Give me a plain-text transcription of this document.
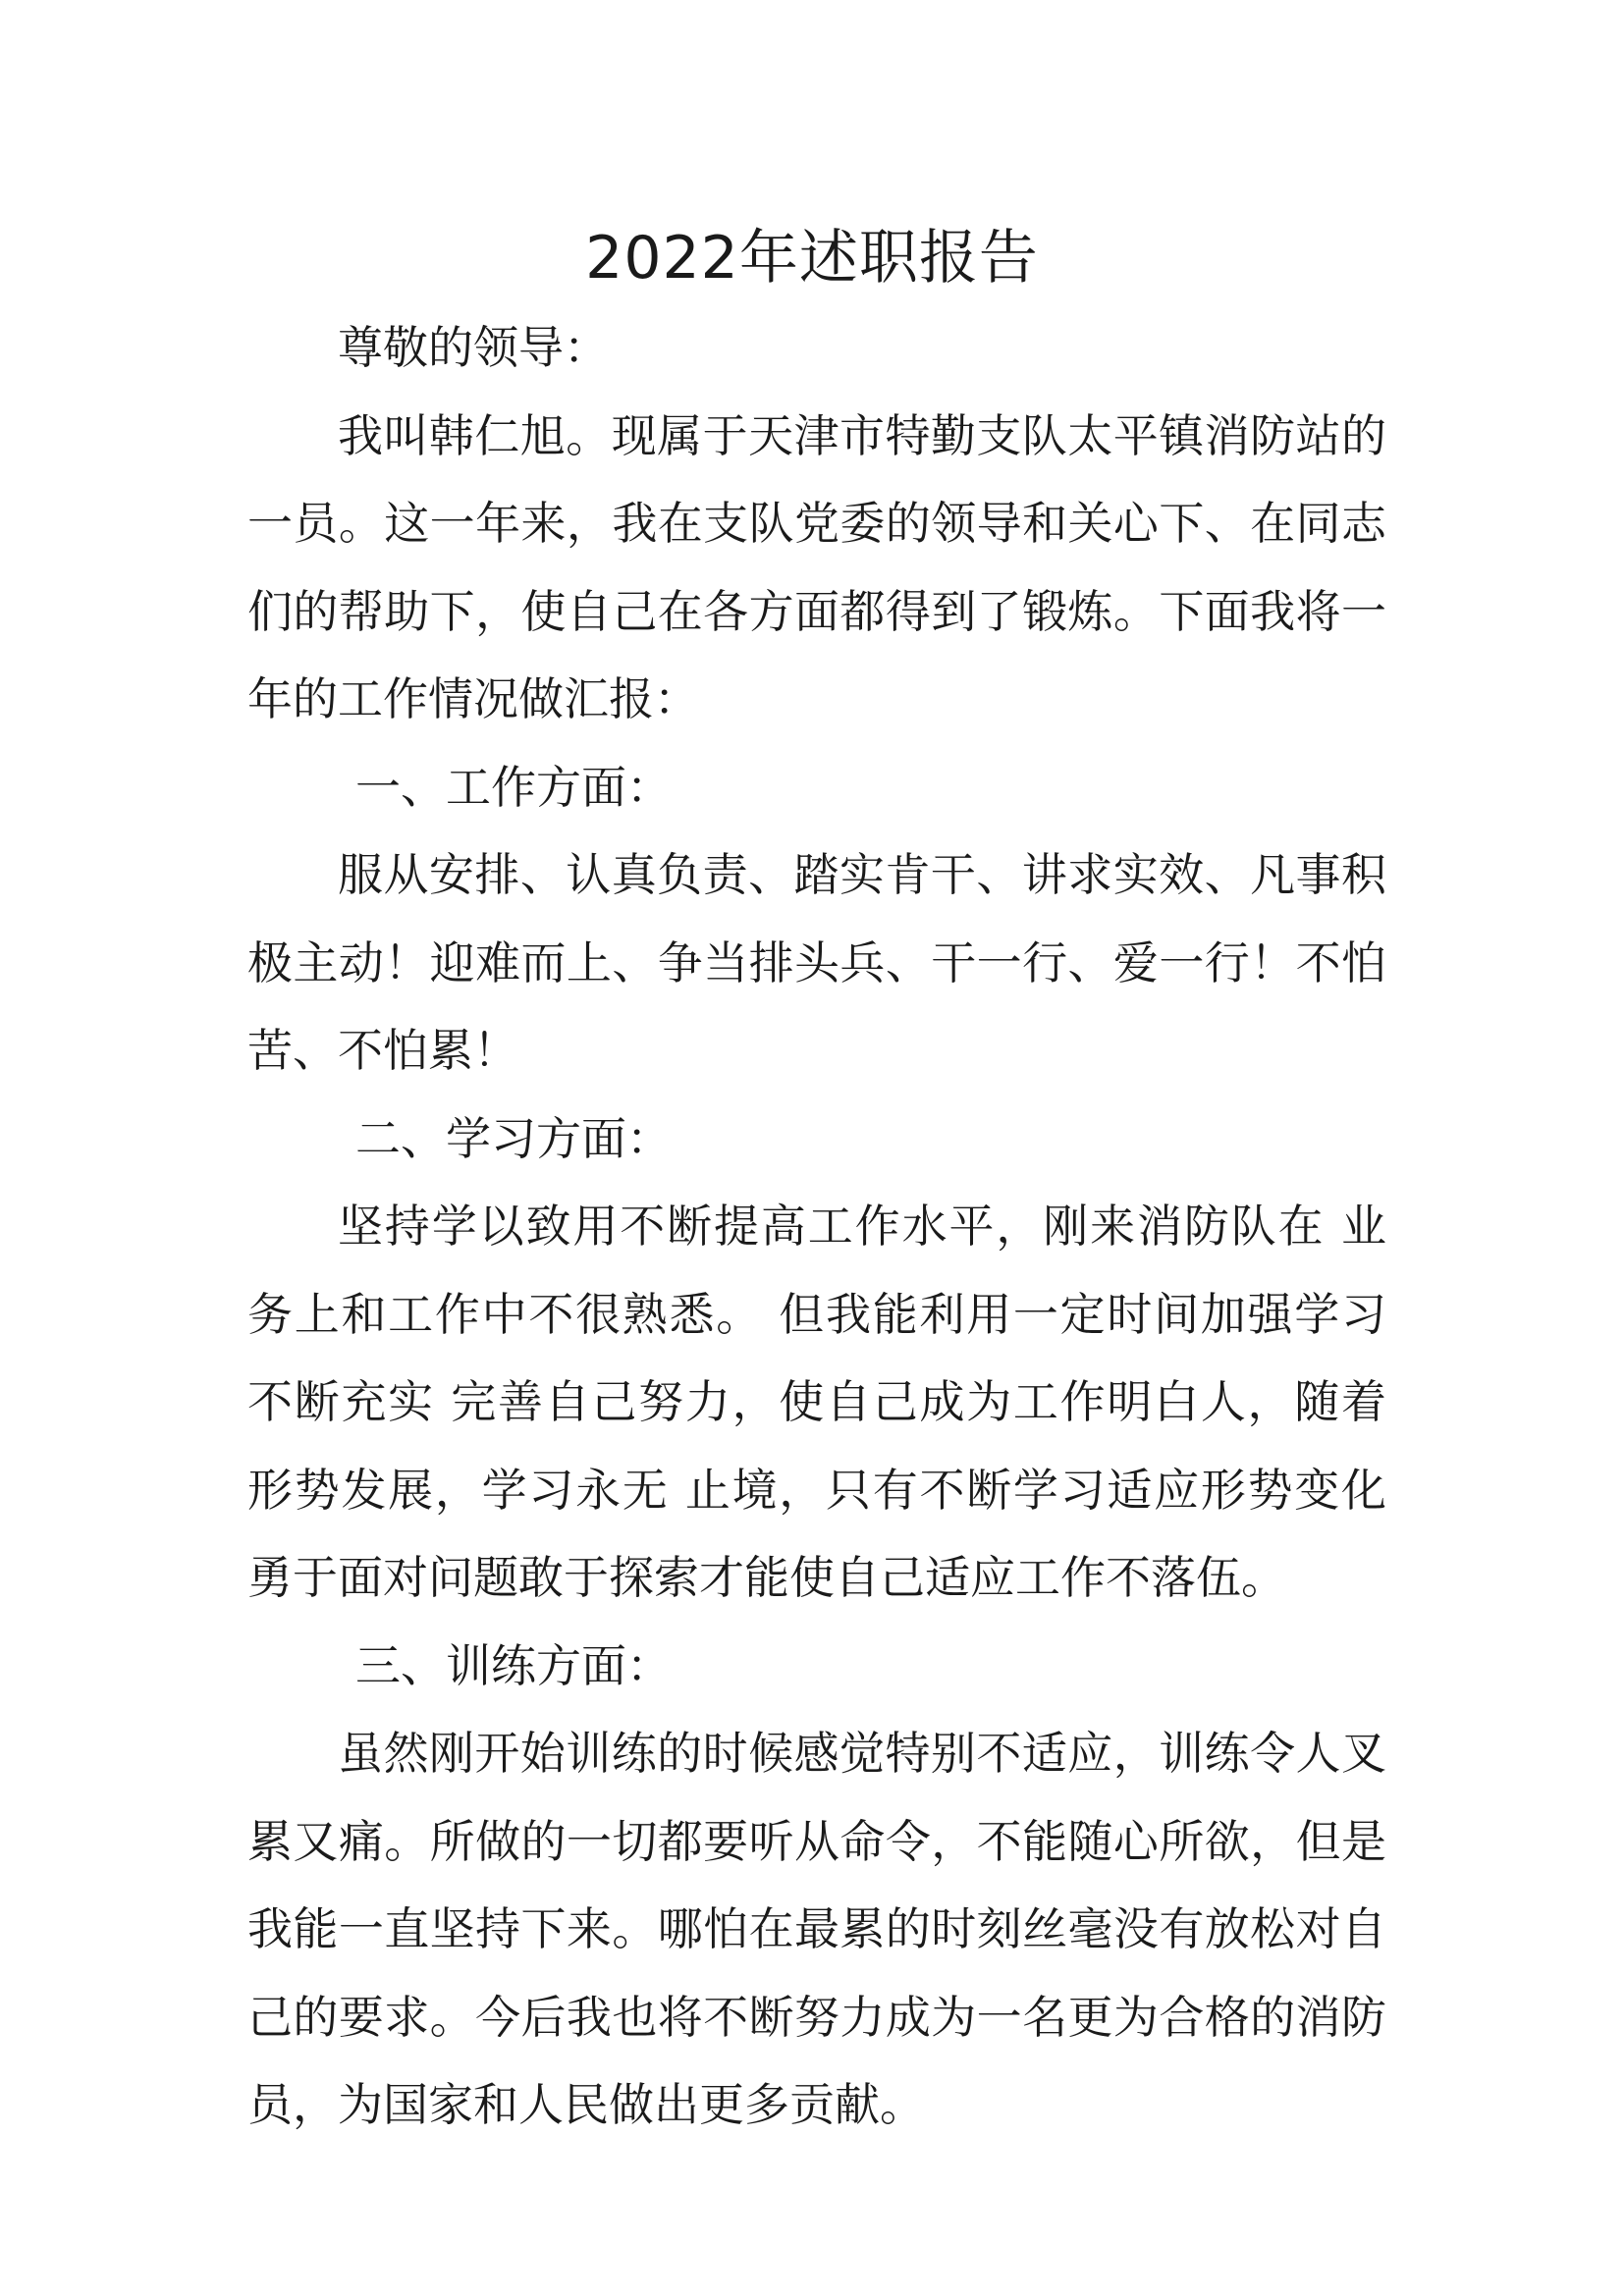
2022年述职报告

尊敬的领导：

我叫韩仁旭。现属于天津市特勤支队太平镇消防站的一员。这一年来，我在支队党委的领导和关心下、在同志们的帮助下，使自己在各方面都得到了锻炼。下面我将一年的工作情况做汇报：

一、工作方面：

服从安排、认真负责、踏实肯干、讲求实效、凡事积极主动！迎难而上、争当排头兵、干一行、爱一行！不怕苦、不怕累！

二、学习方面：

坚持学以致用不断提高工作水平，刚来消防队在 业务上和工作中不很熟悉。 但我能利用一定时间加强学习不断充实 完善自己努力，使自己成为工作明白人，随着形势发展，学习永无 止境，只有不断学习适应形势变化勇于面对问题敢于探索才能使自己适应工作不落伍。

三、训练方面：

虽然刚开始训练的时候感觉特别不适应，训练令人叉累又痛。所做的一切都要听从命令，不能随心所欲，但是我能一直坚持下来。哪怕在最累的时刻丝毫没有放松对自己的要求。今后我也将不断努力成为一名更为合格的消防员，为国家和人民做出更多贡献。
